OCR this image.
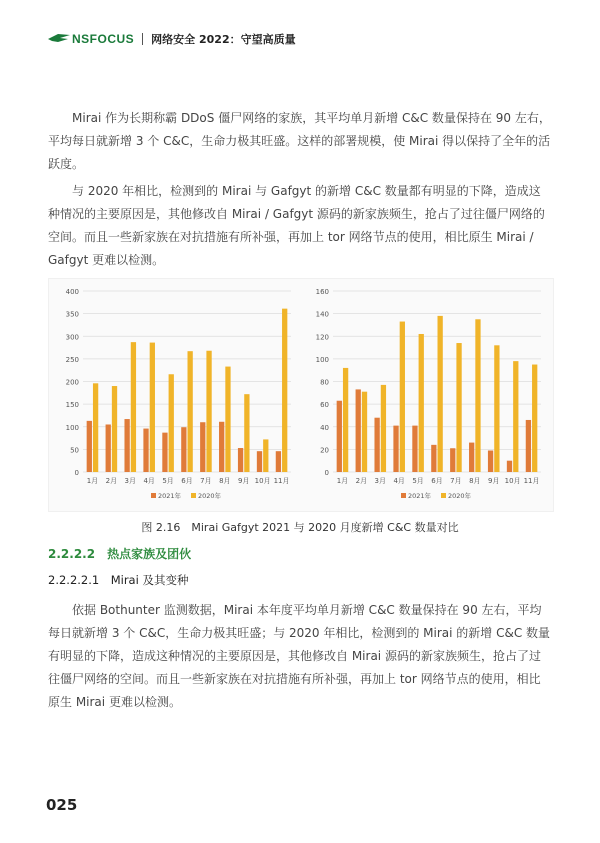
NSFOCUS 网络安全 2022：守望高质量

Mirai 作为长期称霸 DDoS 僵尸网络的家族，其平均单月新增 C&C 数量保持在 90 左右，平均每日就新增 3 个 C&C，生命力极其旺盛。这样的部署规模，使 Mirai 得以保持了全年的活跃度。

与 2020 年相比，检测到的 Mirai 与 Gafgyt 的新增 C&C 数量都有明显的下降，造成这种情况的主要原因是，其他修改自 Mirai / Gafgyt 源码的新家族频生，抢占了过往僵尸网络的空间。而且一些新家族在对抗措施有所补强，再加上 tor 网络节点的使用，相比原生 Mirai / Gafgyt 更难以检测。

0
50
100
150
200
250
300
350
400
1月 2月 3月 4月 5月 6月 7月 8月 9月 10月 11月
2021年	2020年
0
20
40
60
80
100
120
140
160
1月 2月 3月 4月 5月 6月 7月 8月 9月 10月 11月
2021年	2020年
图 2.16　Mirai Gafgyt 2021 与 2020 月度新增 C&C 数量对比
2.2.2.2　热点家族及团伙
2.2.2.2.1　Mirai 及其变种

依据 Bothunter 监测数据，Mirai 本年度平均单月新增 C&C 数量保持在 90 左右，平均每日就新增 3 个 C&C，生命力极其旺盛；与 2020 年相比，检测到的 Mirai 的新增 C&C 数量有明显的下降，造成这种情况的主要原因是，其他修改自 Mirai 源码的新家族频生，抢占了过往僵尸网络的空间。而且一些新家族在对抗措施有所补强，再加上 tor 网络节点的使用，相比原生 Mirai 更难以检测。

025
